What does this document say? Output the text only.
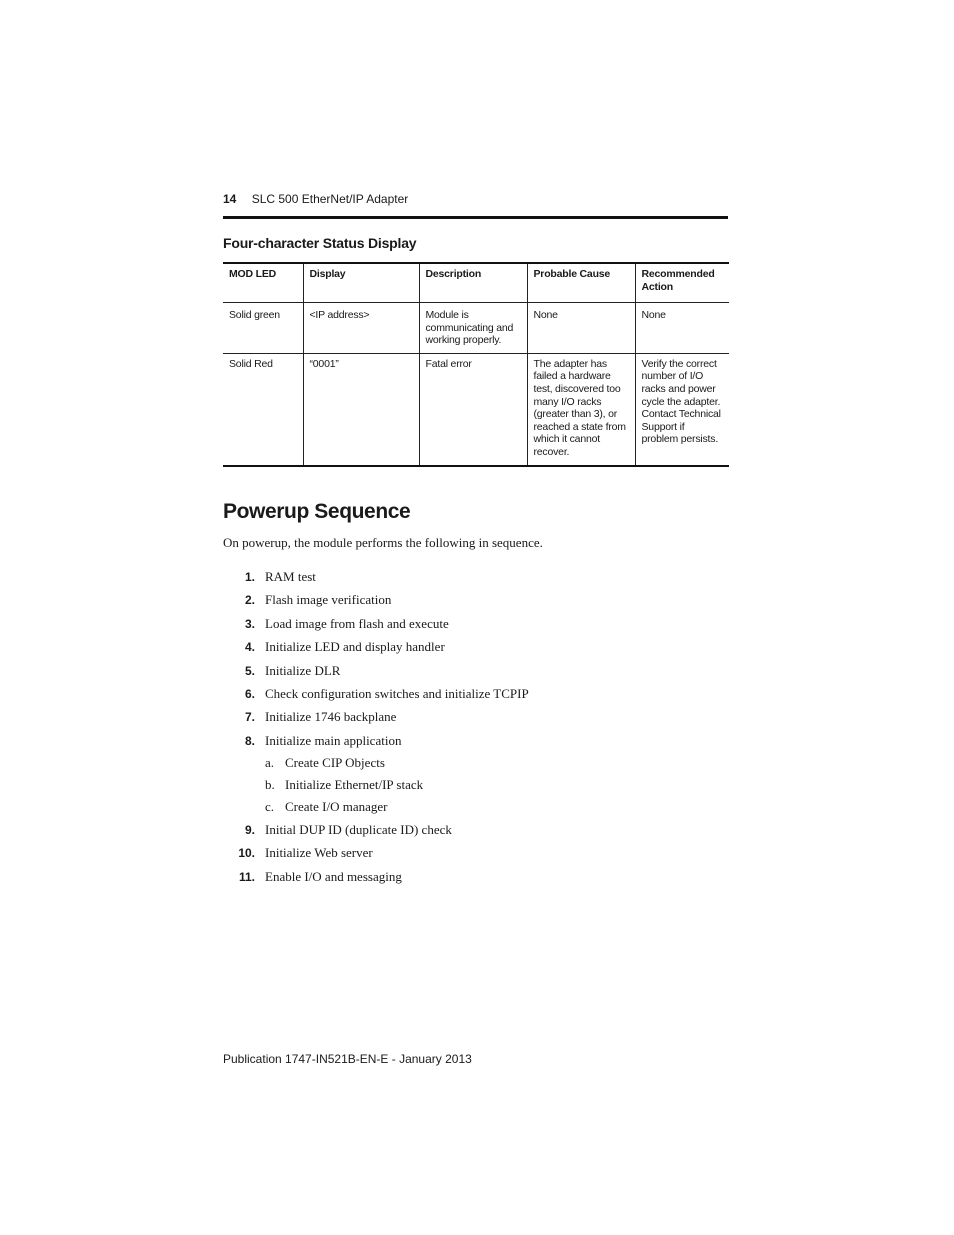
14 SLC 500 EtherNet/IP Adapter
Four-character Status Display
MOD LED	Display	Description	Probable Cause	Recommended Action
Solid green	<IP address>	Module is communicating and working properly.	None	None
Solid Red	“0001”	Fatal error	The adapter has failed a hardware test, discovered too many I/O racks (greater than 3), or reached a state from which it cannot recover.	Verify the correct number of I/O racks and power cycle the adapter. Contact Technical Support if problem persists.
Powerup Sequence
On powerup, the module performs the following in sequence.
1. RAM test
2. Flash image verification
3. Load image from flash and execute
4. Initialize LED and display handler
5. Initialize DLR
6. Check configuration switches and initialize TCPIP
7. Initialize 1746 backplane
8. Initialize main application
a. Create CIP Objects
b. Initialize Ethernet/IP stack
c. Create I/O manager
9. Initial DUP ID (duplicate ID) check
10. Initialize Web server
11. Enable I/O and messaging
Publication 1747-IN521B-EN-E - January 2013
